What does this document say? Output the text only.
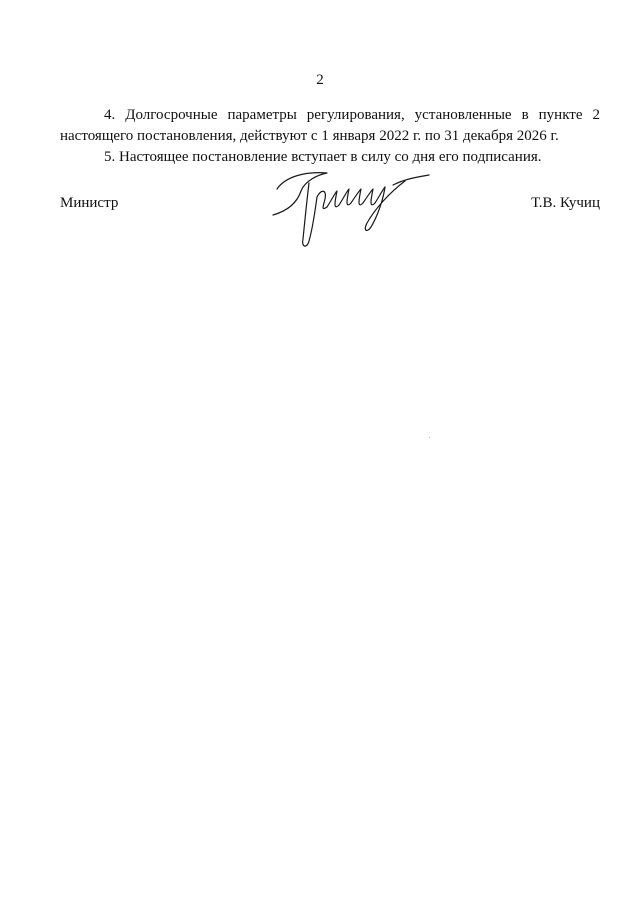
2

4. Долгосрочные параметры регулирования, установленные в пункте 2

настоящего постановления, действуют с 1 января 2022 г. по 31 декабря 2026 г.

5. Настоящее постановление вступает в силу со дня его подписания.

Министр	Т.В. Кучиц
